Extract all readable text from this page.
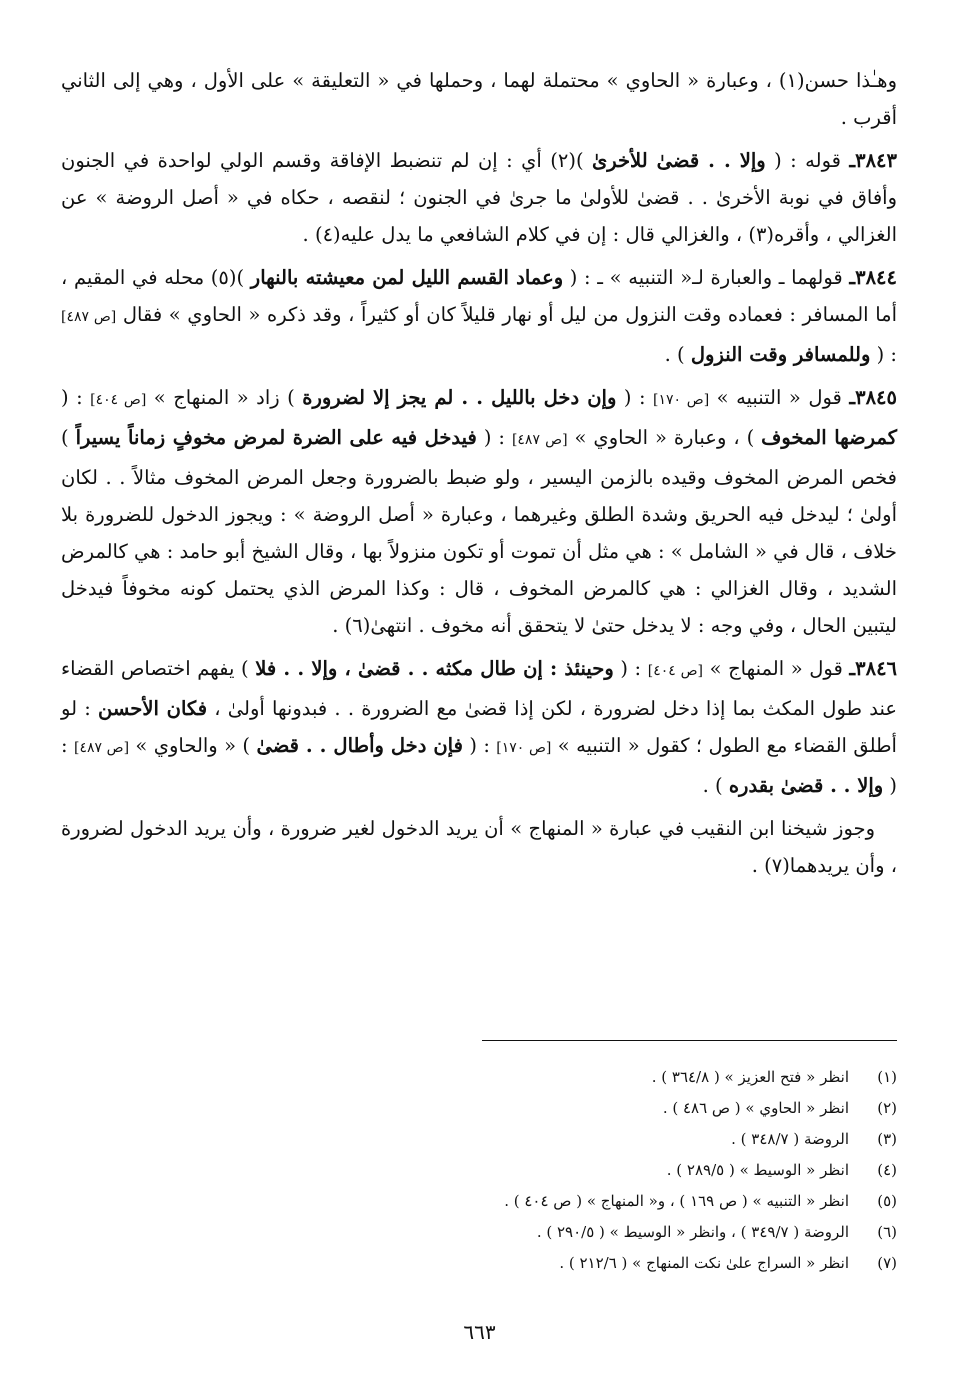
وهـٰذا حسن(١) ، وعبارة « الحاوي » محتملة لهما ، وحملها في « التعليقة » على الأول ، وهي إلى الثاني أقرب .

٣٨٤٣ـ قوله : ( وإلا . . قضىٰ للأخرىٰ )(٢) أي : إن لم تنضبط الإفاقة وقسم الولي لواحدة في الجنون وأفاق في نوبة الأخرىٰ . . قضىٰ للأولىٰ ما جرىٰ في الجنون ؛ لنقصه ، حكاه في « أصل الروضة » عن الغزالي ، وأقره(٣) ، والغزالي قال : إن في كلام الشافعي ما يدل عليه(٤) .

٣٨٤٤ـ قولهما ـ والعبارة لـ« التنبيه » ـ : ( وعماد القسم الليل لمن معيشته بالنهار )(٥) محله في المقيم ، أما المسافر : فعماده وقت النزول من ليل أو نهار قليلاً كان أو كثيراً ، وقد ذكره « الحاوي » فقال [ص ٤٨٧] : ( وللمسافر وقت النزول ) .

٣٨٤٥ـ قول « التنبيه » [ص ١٧٠] : ( وإن دخل بالليل . . لم يجز إلا لضرورة ) زاد « المنهاج » [ص ٤٠٤] : ( كمرضها المخوف ) ، وعبارة « الحاوي » [ص ٤٨٧] : ( فيدخل فيه على الضرة لمرض مخوفٍ زماناً يسيراً ) فخص المرض المخوف وقيده بالزمن اليسير ، ولو ضبط بالضرورة وجعل المرض المخوف مثالاً . . لكان أولىٰ ؛ ليدخل فيه الحريق وشدة الطلق وغيرهما ، وعبارة « أصل الروضة » : ويجوز الدخول للضرورة بلا خلاف ، قال في « الشامل » : هي مثل أن تموت أو تكون منزولاً بها ، وقال الشيخ أبو حامد : هي كالمرض الشديد ، وقال الغزالي : هي كالمرض المخوف ، قال : وكذا المرض الذي يحتمل كونه مخوفاً فيدخل ليتبين الحال ، وفي وجه : لا يدخل حتىٰ لا يتحقق أنه مخوف . انتهىٰ(٦) .

٣٨٤٦ـ قول « المنهاج » [ص ٤٠٤] : ( وحينئذ : إن طال مكثه . . قضىٰ ، وإلا . . فلا ) يفهم اختصاص القضاء عند طول المكث بما إذا دخل لضرورة ، لكن إذا قضىٰ مع الضرورة . . فبدونها أولىٰ ، فكان الأحسن : لو أطلق القضاء مع الطول ؛ كقول « التنبيه » [ص ١٧٠] : ( فإن دخل وأطال . . قضىٰ ) « والحاوي » [ص ٤٨٧] : ( وإلا . . قضىٰ بقدره ) .

وجوز شيخنا ابن النقيب في عبارة « المنهاج » أن يريد الدخول لغير ضرورة ، وأن يريد الدخول لضرورة ، وأن يريدهما(٧) .

(١)
انظر « فتح العزيز » ( ٣٦٤/٨ ) .
(٢)
انظر « الحاوي » ( ص ٤٨٦ ) .
(٣)
الروضة ( ٣٤٨/٧ ) .
(٤)
انظر « الوسيط » ( ٢٨٩/٥ ) .
(٥)
انظر « التنبيه » ( ص ١٦٩ ) ، و« المنهاج » ( ص ٤٠٤ ) .
(٦)
الروضة ( ٣٤٩/٧ ) ، وانظر « الوسيط » ( ٢٩٠/٥ ) .
(٧)
انظر « السراج علىٰ نكت المنهاج » ( ٢١٢/٦ ) .
٦٦٣
